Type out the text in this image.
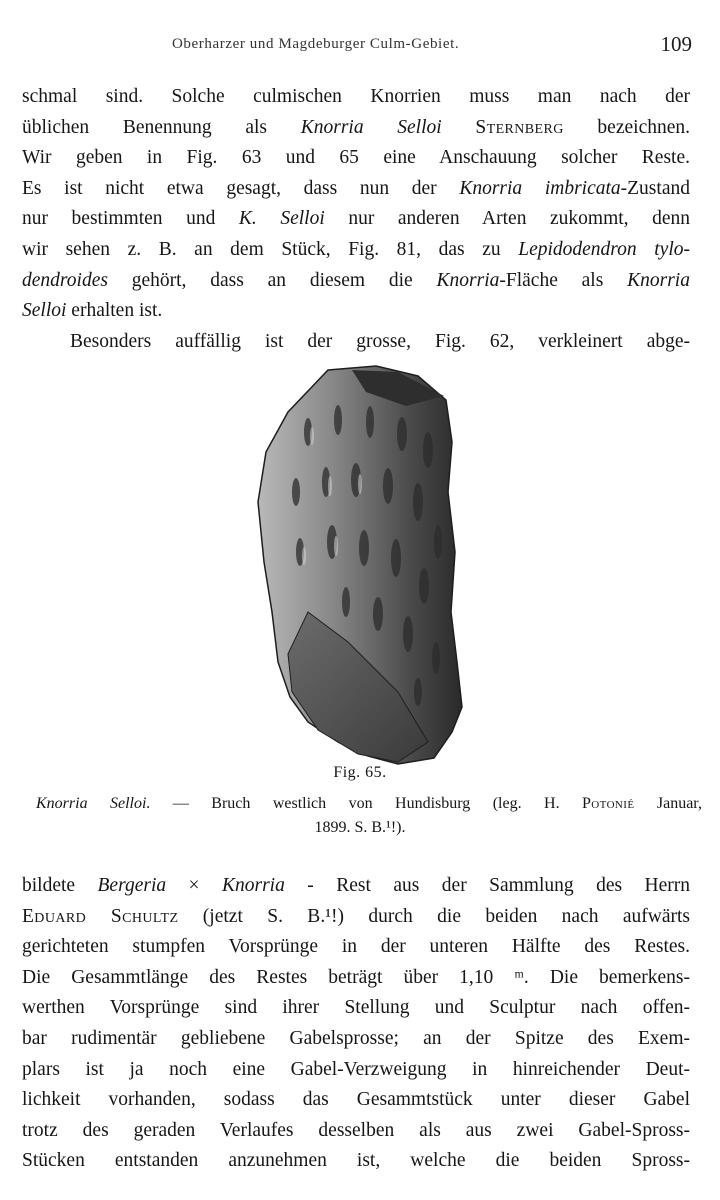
Oberharzer und Magdeburger Culm-Gebiet.	109

schmal sind. Solche culmischen Knorrien muss man nach der
üblichen Benennung als Knorria Selloi Sternberg bezeichnen.
Wir geben in Fig. 63 und 65 eine Anschauung solcher Reste.
Es ist nicht etwa gesagt, dass nun der Knorria imbricata-Zustand
nur bestimmten und K. Selloi nur anderen Arten zukommt, denn
wir sehen z. B. an dem Stück, Fig. 81, das zu Lepidodendron tylo-
dendroides gehört, dass an diesem die Knorria-Fläche als Knorria
Selloi erhalten ist.
Besonders auffällig ist der grosse, Fig. 62, verkleinert abge-

Fig. 65.
Knorria Selloi. — Bruch westlich von Hundisburg (leg. H. Potonié Januar,
1899. S. B.¹!).

bildete Bergeria × Knorria - Rest aus der Sammlung des Herrn
Eduard Schultz (jetzt S. B.¹!) durch die beiden nach aufwärts
gerichteten stumpfen Vorsprünge in der unteren Hälfte des Restes.
Die Gesammtlänge des Restes beträgt über 1,10 ᵐ. Die bemerkens-
werthen Vorsprünge sind ihrer Stellung und Sculptur nach offen-
bar rudimentär gebliebene Gabelsprosse; an der Spitze des Exem-
plars ist ja noch eine Gabel-Verzweigung in hinreichender Deut-
lichkeit vorhanden, sodass das Gesammtstück unter dieser Gabel
trotz des geraden Verlaufes desselben als aus zwei Gabel-Spross-
Stücken entstanden anzunehmen ist, welche die beiden Spross-
